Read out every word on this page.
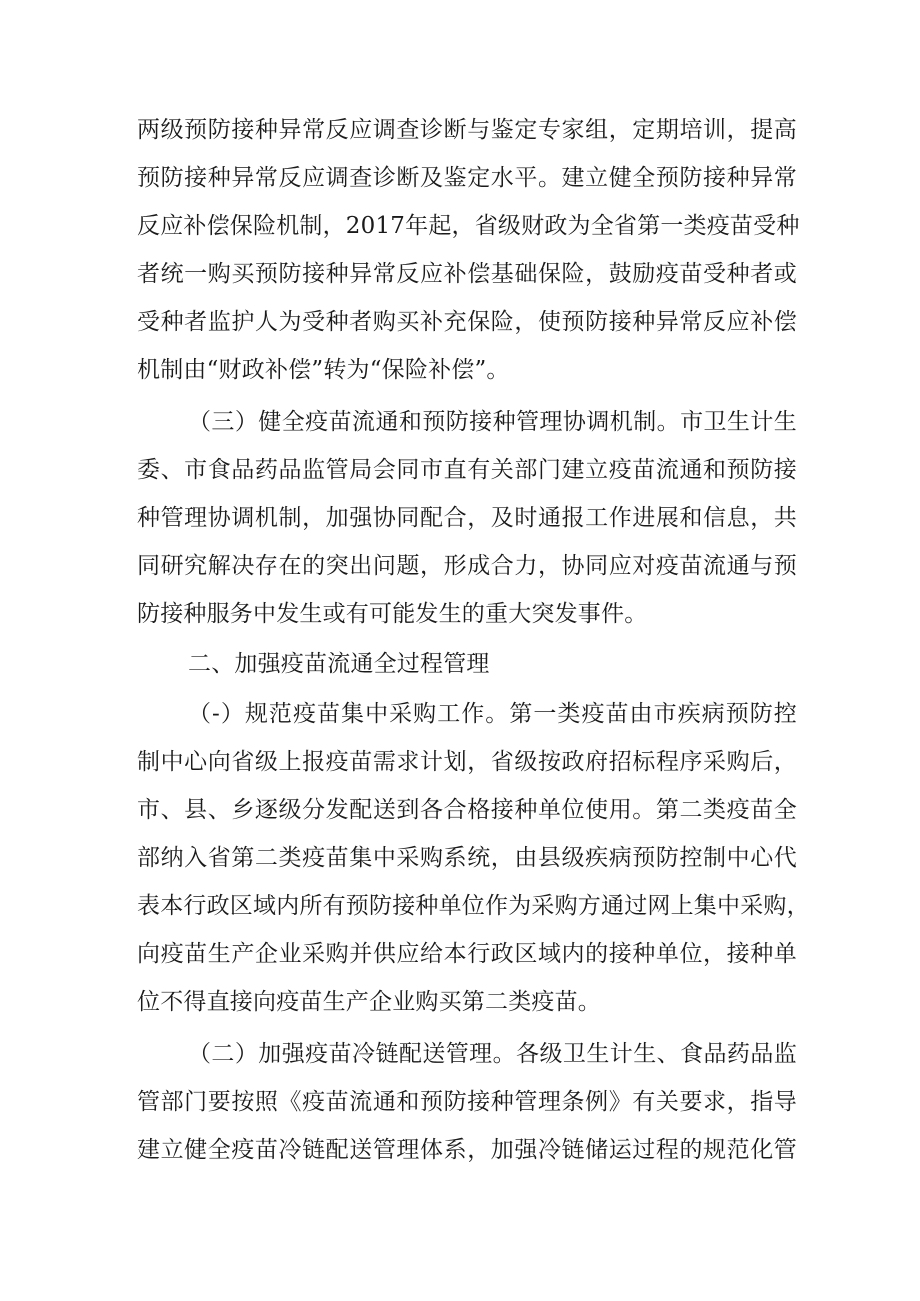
两级预防接种异常反应调查诊断与鉴定专家组，定期培训，提高
预防接种异常反应调查诊断及鉴定水平。建立健全预防接种异常
反应补偿保险机制，2017年起，省级财政为全省第一类疫苗受种
者统一购买预防接种异常反应补偿基础保险，鼓励疫苗受种者或
受种者监护人为受种者购买补充保险，使预防接种异常反应补偿
机制由“财政补偿”转为“保险补偿”。
（三）健全疫苗流通和预防接种管理协调机制。市卫生计生
委、市食品药品监管局会同市直有关部门建立疫苗流通和预防接
种管理协调机制，加强协同配合，及时通报工作进展和信息，共
同研究解决存在的突出问题，形成合力，协同应对疫苗流通与预
防接种服务中发生或有可能发生的重大突发事件。
二、加强疫苗流通全过程管理
（-）规范疫苗集中采购工作。第一类疫苗由市疾病预防控
制中心向省级上报疫苗需求计划，省级按政府招标程序采购后，
市、县、乡逐级分发配送到各合格接种单位使用。第二类疫苗全
部纳入省第二类疫苗集中采购系统，由县级疾病预防控制中心代
表本行政区域内所有预防接种单位作为采购方通过网上集中采购，
向疫苗生产企业采购并供应给本行政区域内的接种单位，接种单
位不得直接向疫苗生产企业购买第二类疫苗。
（二）加强疫苗冷链配送管理。各级卫生计生、食品药品监
管部门要按照《疫苗流通和预防接种管理条例》有关要求，指导
建立健全疫苗冷链配送管理体系，加强冷链储运过程的规范化管
